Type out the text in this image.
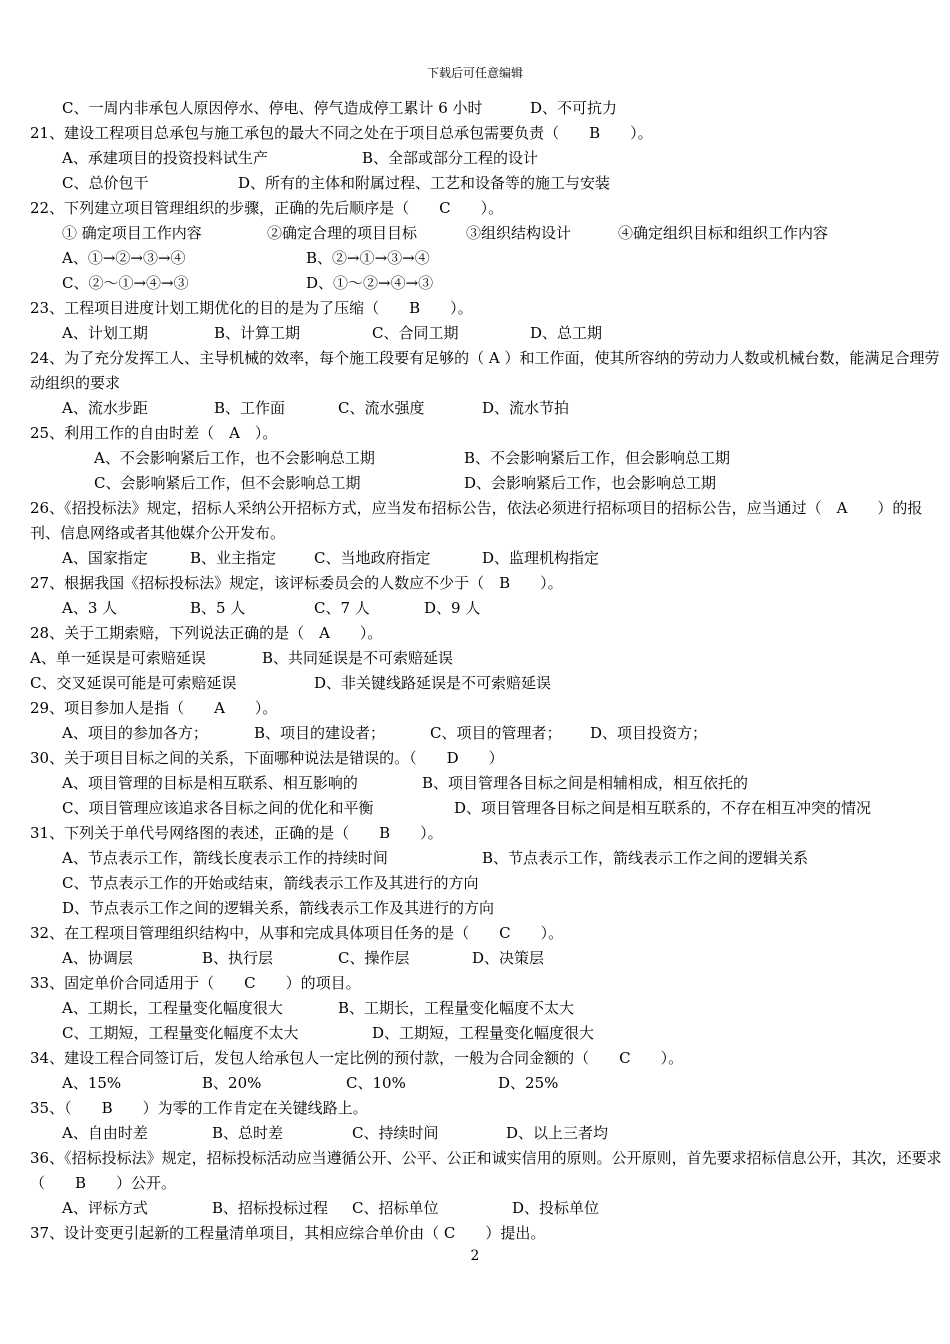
下载后可任意编辑
C、一周内非承包人原因停水、停电、停气造成停工累计 6 小时	D、不可抗力
21、建设工程项目总承包与施工承包的最大不同之处在于项目总承包需要负责（　　B　　）。
A、承建项目的投资投料试生产	B、全部或部分工程的设计
C、总价包干	D、所有的主体和附属过程、工艺和设备等的施工与安装
22、下列建立项目管理组织的步骤，正确的先后顺序是（　　C　　）。
① 确定项目工作内容	②确定合理的项目目标	③组织结构设计	④确定组织目标和组织工作内容
A、①→②→③→④	B、②→①→③→④
C、②～①→④→③	D、①～②→④→③
23、工程项目进度计划工期优化的目的是为了压缩（　　B　　）。
A、计划工期	B、计算工期	C、合同工期	D、总工期
24、为了充分发挥工人、主导机械的效率，每个施工段要有足够的（ A ）和工作面，使其所容纳的劳动力人数或机械台数，能满足合理劳动组织的要求
A、流水步距	B、工作面	C、流水强度	D、流水节拍
25、利用工作的自由时差（　A　）。
A、不会影响紧后工作，也不会影响总工期	B、不会影响紧后工作，但会影响总工期
C、会影响紧后工作，但不会影响总工期	D、会影响紧后工作，也会影响总工期
26、《招投标法》规定，招标人采纳公开招标方式，应当发布招标公告，依法必须进行招标项目的招标公告，应当通过（　A　　）的报刊、信息网络或者其他媒介公开发布。
A、国家指定	B、业主指定	C、当地政府指定	D、监理机构指定
27、根据我国《招标投标法》规定，该评标委员会的人数应不少于（　B　　）。
A、3 人	B、5 人	C、7 人	D、9 人
28、关于工期索赔，下列说法正确的是（　A　　）。
A、单一延误是可索赔延误	B、共同延误是不可索赔延误
C、交叉延误可能是可索赔延误	D、非关键线路延误是不可索赔延误
29、项目参加人是指（　　A　　）。
A、项目的参加各方；	B、项目的建设者；	C、项目的管理者； D、项目投资方；
30、关于项目目标之间的关系，下面哪种说法是错误的。（　　D　　）
A、项目管理的目标是相互联系、相互影响的	B、项目管理各目标之间是相辅相成，相互依托的
C、项目管理应该追求各目标之间的优化和平衡	D、项目管理各目标之间是相互联系的，不存在相互冲突的情况
31、下列关于单代号网络图的表述，正确的是（　　B　　）。
A、节点表示工作，箭线长度表示工作的持续时间	B、节点表示工作，箭线表示工作之间的逻辑关系
C、节点表示工作的开始或结束，箭线表示工作及其进行的方向
D、节点表示工作之间的逻辑关系，箭线表示工作及其进行的方向
32、在工程项目管理组织结构中，从事和完成具体项目任务的是（　　C　　）。
A、协调层	B、执行层	C、操作层	D、决策层
33、固定单价合同适用于（　　C　　）的项目。
A、工期长，工程量变化幅度很大	B、工期长，工程量变化幅度不太大
C、工期短，工程量变化幅度不太大	D、工期短，工程量变化幅度很大
34、建设工程合同签订后，发包人给承包人一定比例的预付款，一般为合同金额的（　　C　　）。
A、15%	B、20%	C、10%	D、25%
35、（　　B　　）为零的工作肯定在关键线路上。
A、自由时差	B、总时差	C、持续时间	D、以上三者均
36、《招标投标法》规定，招标投标活动应当遵循公开、公平、公正和诚实信用的原则。公开原则，首先要求招标信息公开，其次，还要求（　　B　　）公开。
A、评标方式	B、招标投标过程 C、招标单位	D、投标单位
37、设计变更引起新的工程量清单项目，其相应综合单价由（ C　　）提出。
2
